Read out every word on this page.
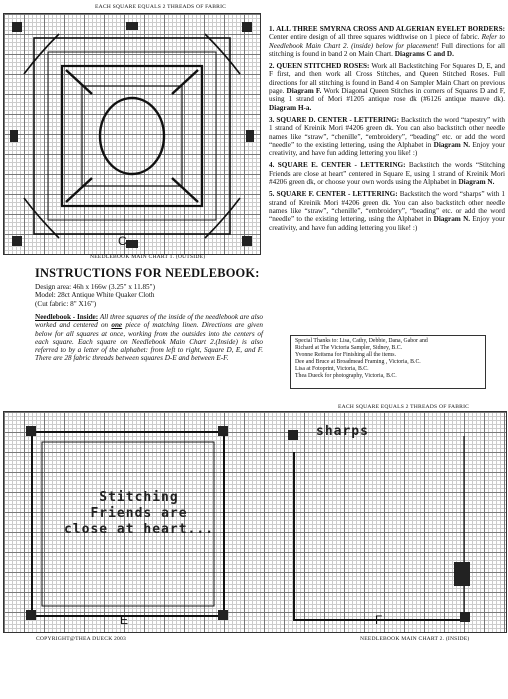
EACH SQUARE EQUALS 2 THREADS OF FABRIC
C
NEEDLEBOOK MAIN CHART 1. (OUTSIDE)
1. ALL THREE SMYRNA CROSS AND ALGERIAN EYELET BORDERS: Center entire design of all three squares widthwise on 1 piece of fabric. Refer to Needlebook Main Chart 2. (inside) below for placement! Full directions for all stitching is found in band 2 on Main Chart. Diagrams C and D.
2. QUEEN STITCHED ROSES: Work all Backstitching For Squares D, E, and F first, and then work all Cross Stitches, and Queen Stitched Roses. Full directions for all stitching is found in Band 4 on Sampler Main Chart on previous page. Diagram F. Work Diagonal Queen Stitches in corners of Squares D and F, using 1 strand of Mori #1205 antique rose dk (#6126 antique mauve dk). Diagram H-a.
3. SQUARE D. CENTER - LETTERING: Backstitch the word “tapestry” with 1 strand of Kreinik Mori #4206 green dk. You can also backstitch other needle names like “straw”, “chenille”, “embroidery”, “beading” etc. or add the word “needle” to the existing lettering, using the Alphabet in Diagram N. Enjoy your creativity, and have fun adding lettering you like! :)
4. SQUARE E. CENTER - LETTERING: Backstitch the words “Stitching Friends are close at heart” centered in Square E, using 1 strand of Kreinik Mori #4206 green dk, or choose your own words using the Alphabet in Diagram N.
5. SQUARE F. CENTER - LETTERING: Backstitch the word “sharps” with 1 strand of Kreinik Mori #4206 green dk. You can also backstitch other needle names like “straw”, “chenille”, “embroidery”, “beading” etc. or add the word “needle” to the existing lettering, using the Alphabet in Diagram N. Enjoy your creativity, and have fun adding lettering you like! :)
INSTRUCTIONS FOR NEEDLEBOOK:
Design area: 46h x 166w (3.25" x 11.85")
Model: 28ct Antique White Quaker Cloth
(Cut fabric: 8" X16")
Needlebook - Inside: All three squares of the inside of the needlebook are also worked and centered on one piece of matching linen. Directions are given below for all squares at once, working from the outsides into the centers of each square. Each square on Needlebook Main Chart 2.(Inside) is also referred to by a letter of the alphabet: from left to right, Square D, E, and F. There are 28 fabric threads between squares D-E and between E-F.
Special Thanks to: Lisa, Cathy, Debbie, Dana, Gabor and
Richard at The Victoria Sampler, Sidney, B.C.
Yvonne Reitsma for Finishing all the items.
Dee and Bruce at Broadmead Framing , Victoria, B.C.
Lisa at Fotoprint, Victoria, B.C.
Thea Dueck for photography, Victoria, B.C.
EACH SQUARE EQUALS 2 THREADS OF FABRIC
Stitching
Friends are
close at heart...
sharps
E	F
COPYRIGHT@THEA DUECK 2003	NEEDLEBOOK MAIN CHART 2. (INSIDE)
